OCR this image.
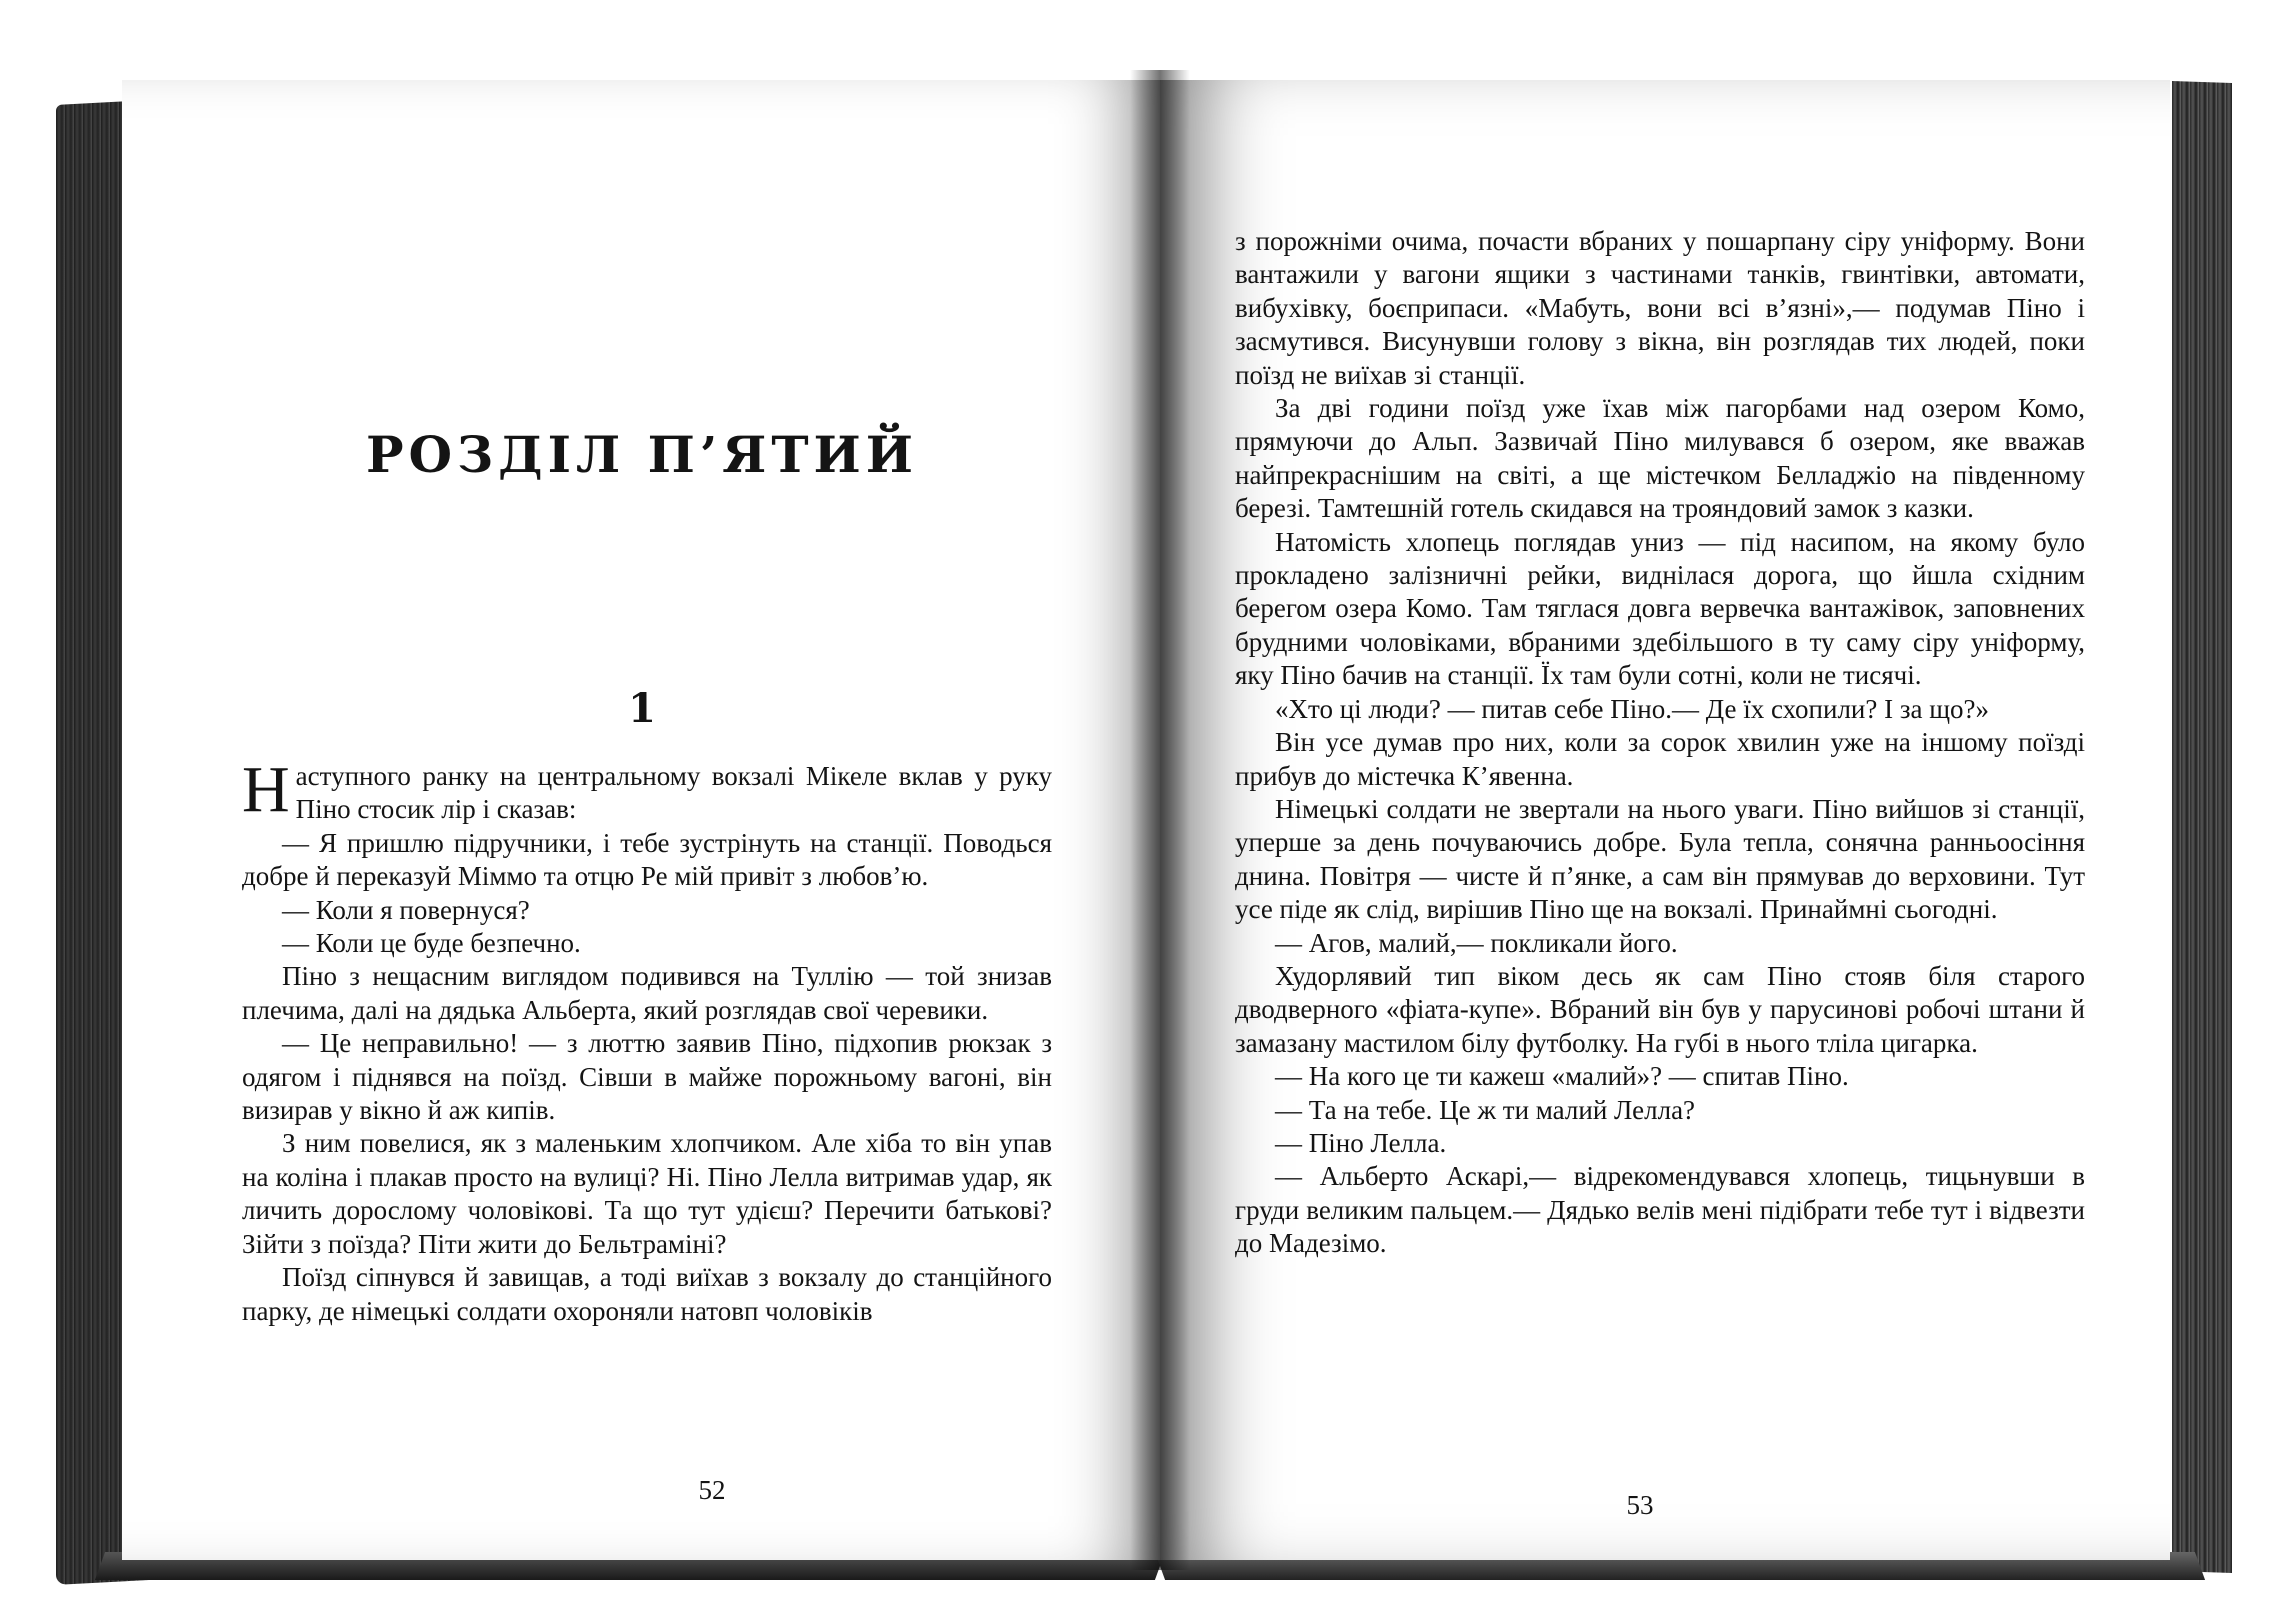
РОЗДІЛ П’ЯТИЙ
1

Наступного ранку на центральному вокзалі Мікеле вклав у руку Піно стосик лір і сказав:

— Я пришлю підручники, і тебе зустрінуть на станції. Поводься добре й переказуй Міммо та отцю Ре мій привіт з любов’ю.

— Коли я повернуся?

— Коли це буде безпечно.

Піно з нещасним виглядом подивився на Туллію — той знизав плечима, далі на дядька Альберта, який розглядав свої черевики.

— Це неправильно! — з люттю заявив Піно, підхопив рюкзак з одягом і піднявся на поїзд. Сівши в майже порожньому вагоні, він визирав у вікно й аж кипів.

З ним повелися, як з маленьким хлопчиком. Але хіба то він упав на коліна і плакав просто на вулиці? Ні. Піно Лелла витримав удар, як личить дорослому чоловікові. Та що тут удієш? Перечити батькові? Зійти з поїзда? Піти жити до Бельтраміні?

Поїзд сіпнувся й завищав, а тоді виїхав з вокзалу до станційного парку, де німецькі солдати охороняли натовп чоловіків

52

з порожніми очима, почасти вбраних у пошарпану сіру уніформу. Вони вантажили у вагони ящики з частинами танків, гвинтівки, автомати, вибухівку, боєприпаси. «Мабуть, вони всі в’язні»,— подумав Піно і засмутився. Висунувши голову з вікна, він розглядав тих людей, поки поїзд не виїхав зі станції.

За дві години поїзд уже їхав між пагорбами над озером Комо, прямуючи до Альп. Зазвичай Піно милувався б озером, яке вважав найпрекраснішим на світі, а ще містечком Белладжіо на південному березі. Тамтешній готель скидався на трояндовий замок з казки.

Натомість хлопець поглядав униз — під насипом, на якому було прокладено залізничні рейки, виднілася дорога, що йшла східним берегом озера Комо. Там тяглася довга вервечка вантажівок, заповнених брудними чоловіками, вбраними здебільшого в ту саму сіру уніформу, яку Піно бачив на станції. Їх там були сотні, коли не тисячі.

«Хто ці люди? — питав себе Піно.— Де їх схопили? І за що?»

Він усе думав про них, коли за сорок хвилин уже на іншому поїзді прибув до містечка К’явенна.

Німецькі солдати не звертали на нього уваги. Піно вийшов зі станції, уперше за день почуваючись добре. Була тепла, сонячна ранньоосіння днина. Повітря — чисте й п’янке, а сам він прямував до верховини. Тут усе піде як слід, вирішив Піно ще на вокзалі. Принаймні сьогодні.

— Агов, малий,— покликали його.

Худорлявий тип віком десь як сам Піно стояв біля старого дводверного «фіата-купе». Вбраний він був у парусинові робочі штани й замазану мастилом білу футболку. На губі в нього тліла цигарка.

— На кого це ти кажеш «малий»? — спитав Піно.

— Та на тебе. Це ж ти малий Лелла?

— Піно Лелла.

— Альберто Аскарі,— відрекомендувався хлопець, тицьнувши в груди великим пальцем.— Дядько велів мені підібрати тебе тут і відвезти до Мадезімо.

53
